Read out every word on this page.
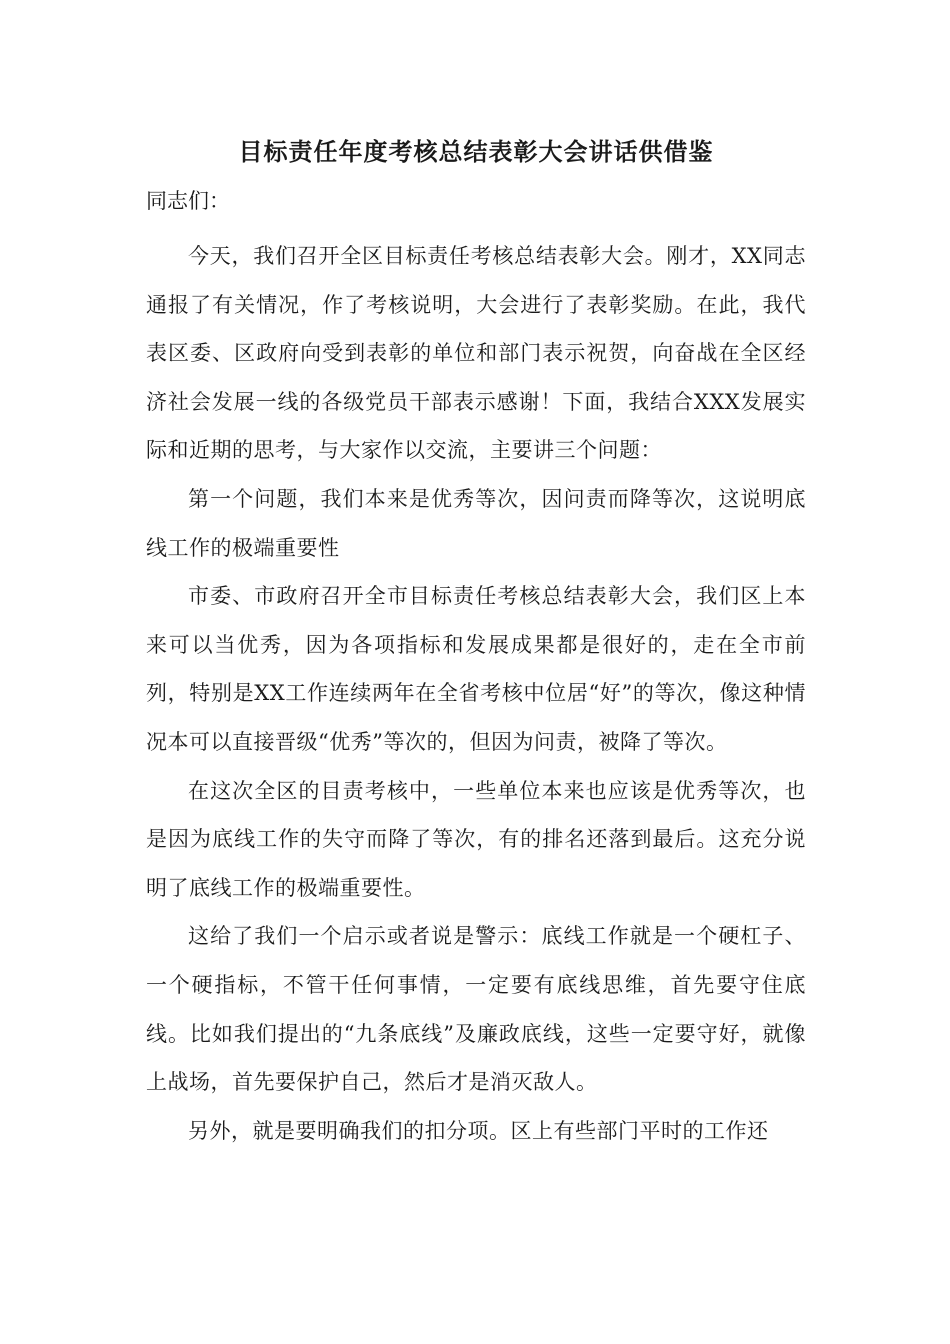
目标责任年度考核总结表彰大会讲话供借鉴
同志们：

今天，我们召开全区目标责任考核总结表彰大会。刚才，XX同志通报了有关情况，作了考核说明，大会进行了表彰奖励。在此，我代表区委、区政府向受到表彰的单位和部门表示祝贺，向奋战在全区经济社会发展一线的各级党员干部表示感谢！下面，我结合XXX发展实际和近期的思考，与大家作以交流，主要讲三个问题：

第一个问题，我们本来是优秀等次，因问责而降等次，这说明底线工作的极端重要性

市委、市政府召开全市目标责任考核总结表彰大会，我们区上本来可以当优秀，因为各项指标和发展成果都是很好的，走在全市前列，特别是XX工作连续两年在全省考核中位居“好”的等次，像这种情况本可以直接晋级“优秀”等次的，但因为问责，被降了等次。

在这次全区的目责考核中，一些单位本来也应该是优秀等次，也是因为底线工作的失守而降了等次，有的排名还落到最后。这充分说明了底线工作的极端重要性。

这给了我们一个启示或者说是警示：底线工作就是一个硬杠子、一个硬指标，不管干任何事情，一定要有底线思维，首先要守住底线。比如我们提出的“九条底线”及廉政底线，这些一定要守好，就像上战场，首先要保护自己，然后才是消灭敌人。

另外，就是要明确我们的扣分项。区上有些部门平时的工作还
